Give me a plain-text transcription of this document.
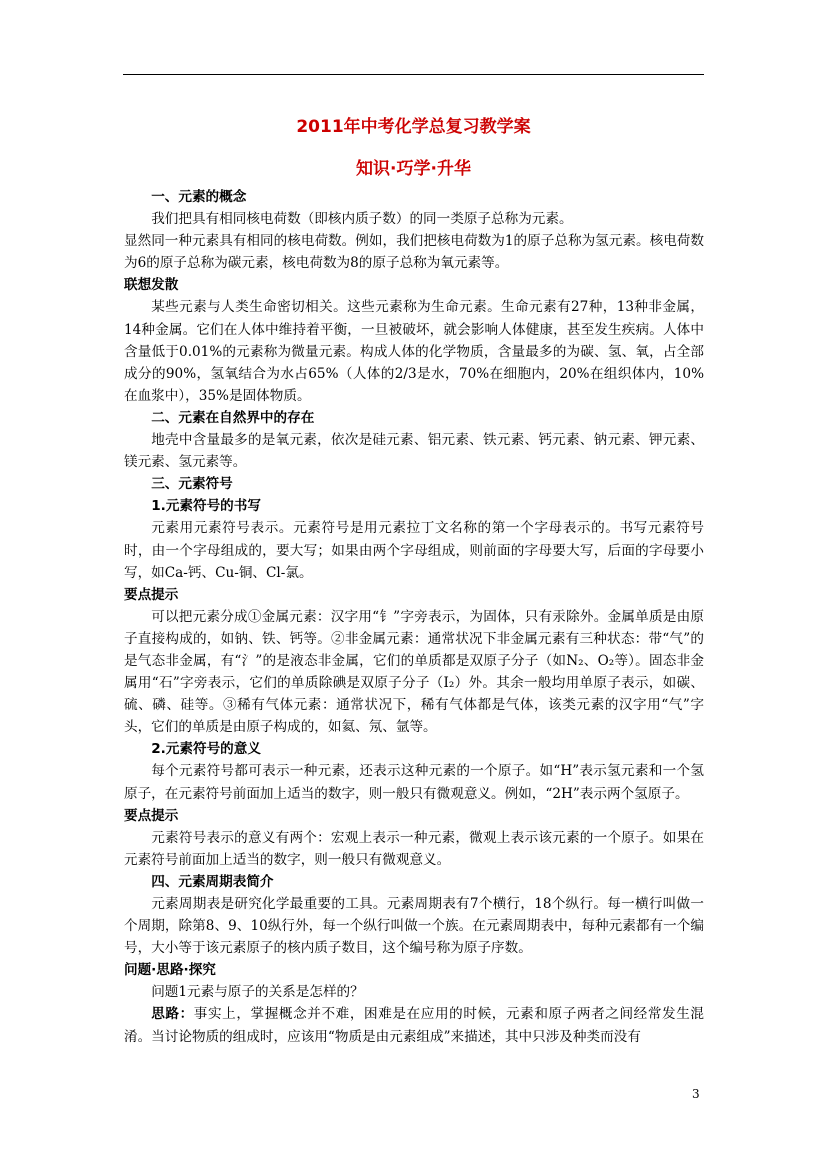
2011年中考化学总复习教学案
知识·巧学·升华

一、元素的概念

我们把具有相同核电荷数（即核内质子数）的同一类原子总称为元素。

显然同一种元素具有相同的核电荷数。例如，我们把核电荷数为1的原子总称为氢元素。核电荷数为6的原子总称为碳元素，核电荷数为8的原子总称为氧元素等。

联想发散

某些元素与人类生命密切相关。这些元素称为生命元素。生命元素有27种，13种非金属，14种金属。它们在人体中维持着平衡，一旦被破坏，就会影响人体健康，甚至发生疾病。人体中含量低于0.01%的元素称为微量元素。构成人体的化学物质，含量最多的为碳、氢、氧，占全部成分的90%，氢氧结合为水占65%（人体的2/3是水，70%在细胞内，20%在组织体内，10%在血浆中），35%是固体物质。

二、元素在自然界中的存在

地壳中含量最多的是氧元素，依次是硅元素、铝元素、铁元素、钙元素、钠元素、钾元素、镁元素、氢元素等。

三、元素符号

1.元素符号的书写

元素用元素符号表示。元素符号是用元素拉丁文名称的第一个字母表示的。书写元素符号时，由一个字母组成的，要大写；如果由两个字母组成，则前面的字母要大写，后面的字母要小写，如Ca-钙、Cu-铜、Cl-氯。

要点提示

可以把元素分成①金属元素：汉字用“钅”字旁表示，为固体，只有汞除外。金属单质是由原子直接构成的，如钠、铁、钙等。②非金属元素：通常状况下非金属元素有三种状态：带“气”的是气态非金属，有“氵”的是液态非金属，它们的单质都是双原子分子（如N₂、O₂等）。固态非金属用“石”字旁表示，它们的单质除碘是双原子分子（I₂）外。其余一般均用单原子表示，如碳、硫、磷、硅等。③稀有气体元素：通常状况下，稀有气体都是气体，该类元素的汉字用“气”字头，它们的单质是由原子构成的，如氦、氖、氩等。

2.元素符号的意义

每个元素符号都可表示一种元素，还表示这种元素的一个原子。如“H”表示氢元素和一个氢原子，在元素符号前面加上适当的数字，则一般只有微观意义。例如，“2H”表示两个氢原子。

要点提示

元素符号表示的意义有两个：宏观上表示一种元素，微观上表示该元素的一个原子。如果在元素符号前面加上适当的数字，则一般只有微观意义。

四、元素周期表简介

元素周期表是研究化学最重要的工具。元素周期表有7个横行，18个纵行。每一横行叫做一个周期，除第8、9、10纵行外，每一个纵行叫做一个族。在元素周期表中，每种元素都有一个编号，大小等于该元素原子的核内质子数目，这个编号称为原子序数。

问题·思路·探究

问题1元素与原子的关系是怎样的？

思路：事实上，掌握概念并不难，困难是在应用的时候，元素和原子两者之间经常发生混淆。当讨论物质的组成时，应该用“物质是由元素组成”来描述，其中只涉及种类而没有

3
